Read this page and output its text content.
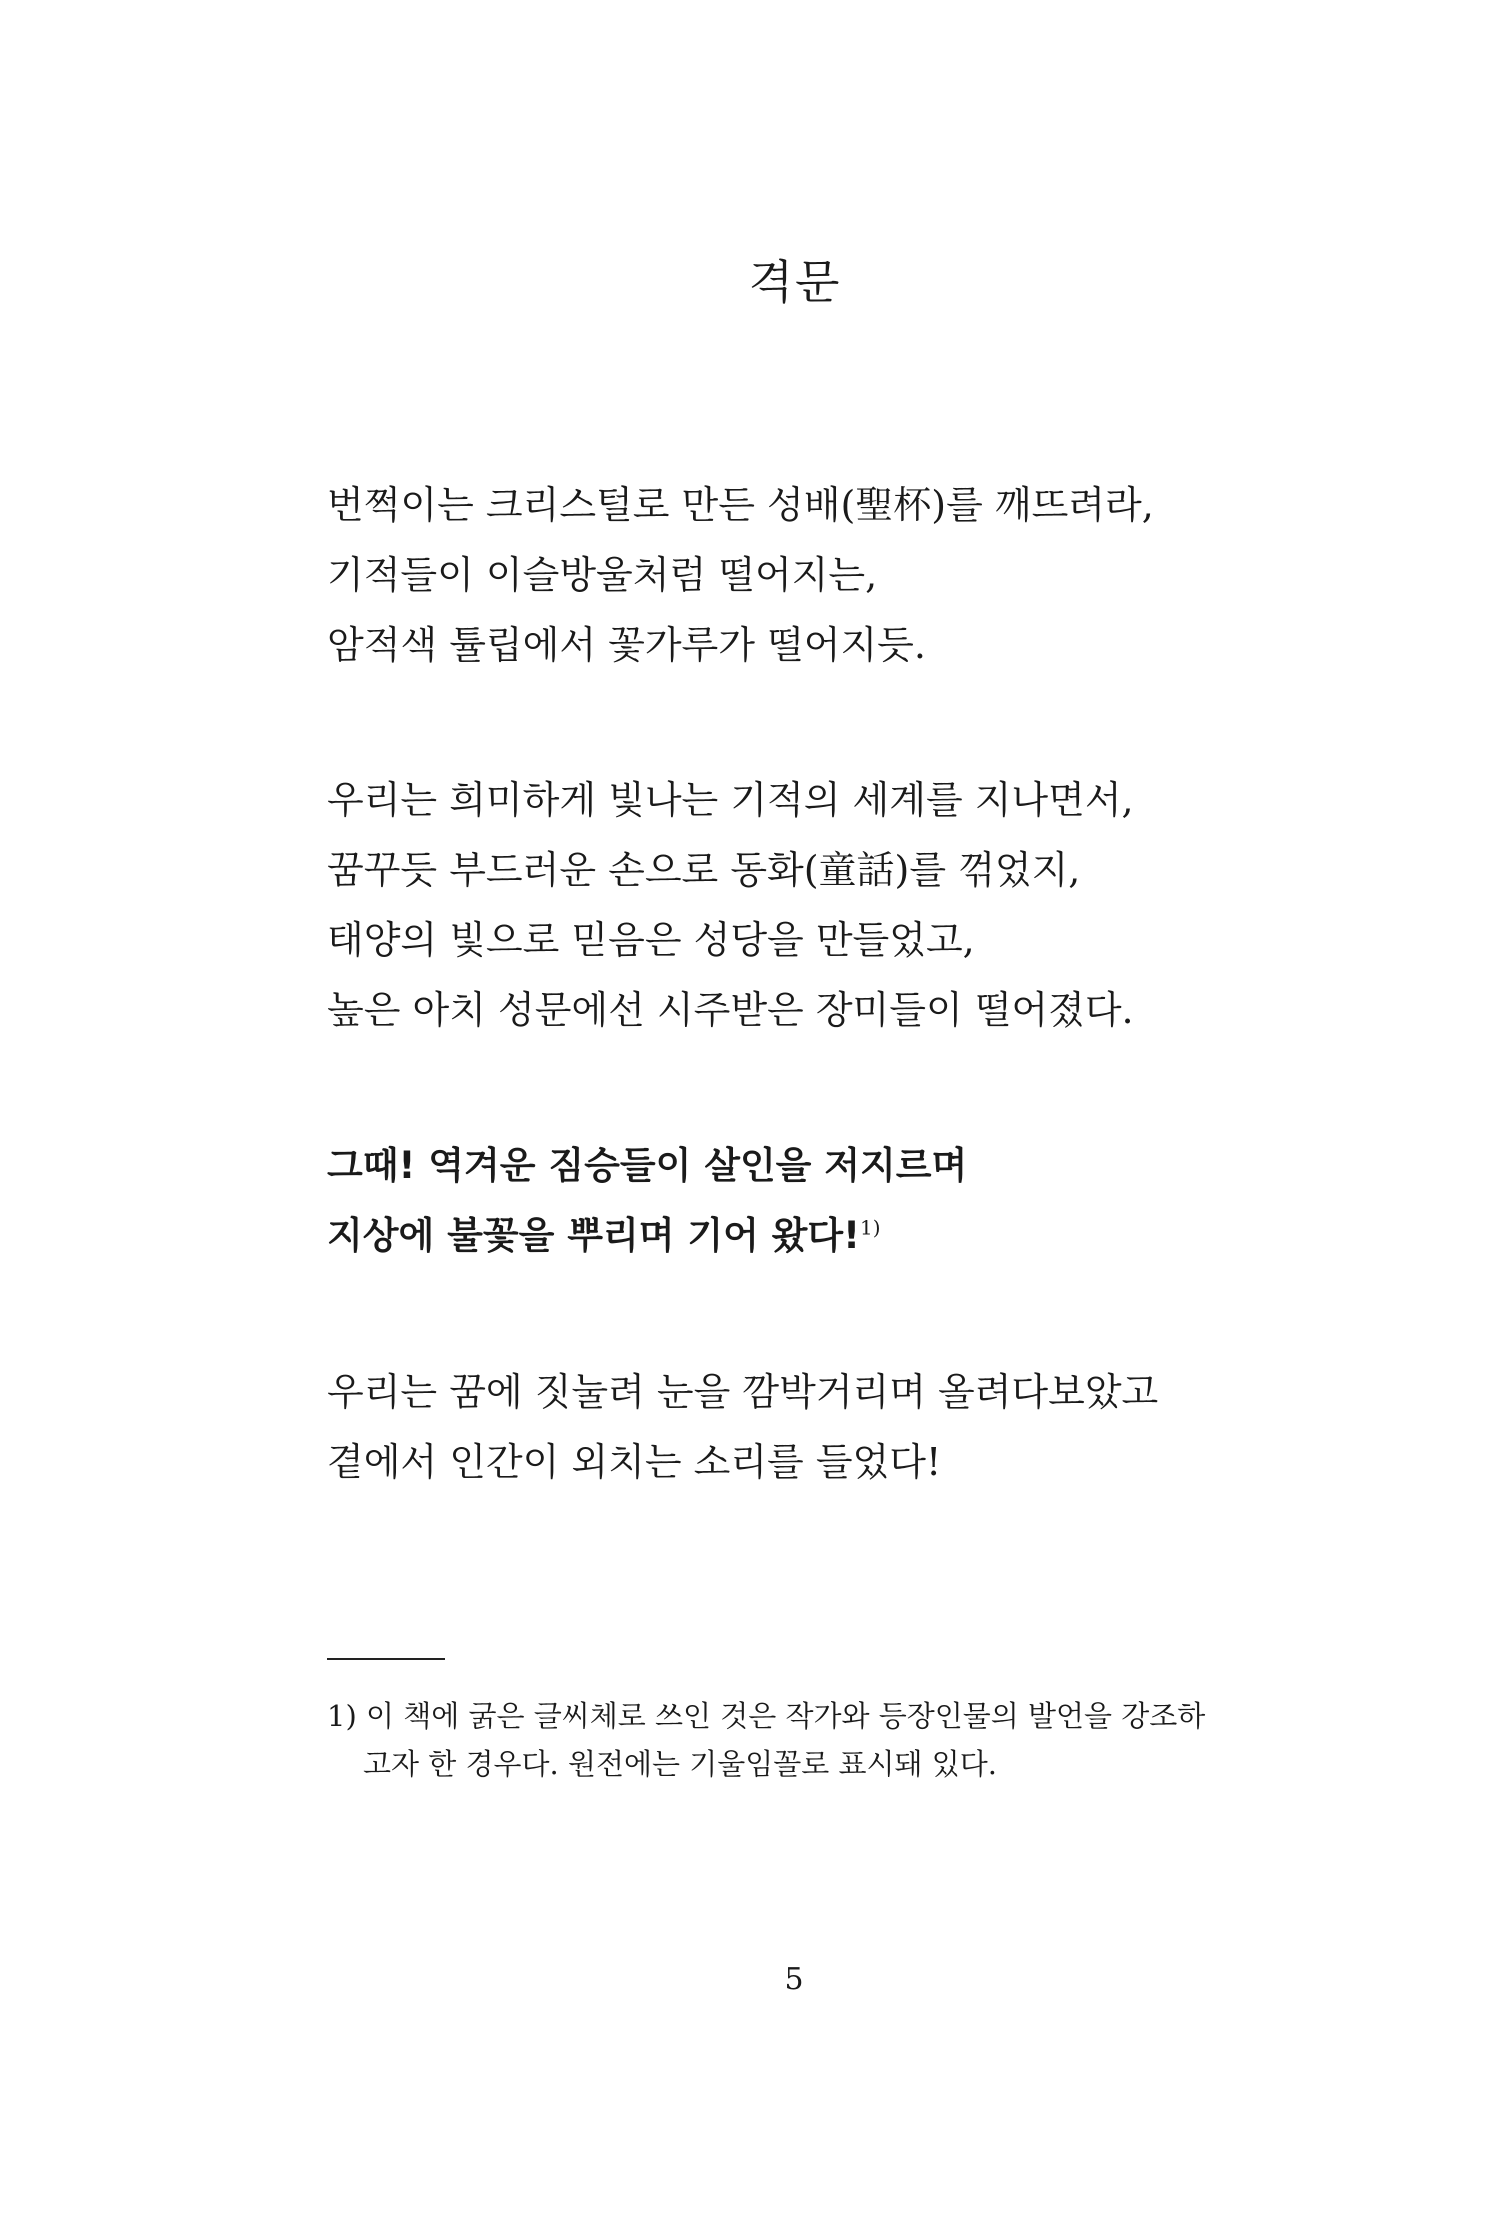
격문
번쩍이는 크리스털로 만든 성배(聖杯)를 깨뜨려라,
기적들이 이슬방울처럼 떨어지는,
암적색 튤립에서 꽃가루가 떨어지듯.
우리는 희미하게 빛나는 기적의 세계를 지나면서,
꿈꾸듯 부드러운 손으로 동화(童話)를 꺾었지,
태양의 빛으로 믿음은 성당을 만들었고,
높은 아치 성문에선 시주받은 장미들이 떨어졌다.
그때! 역겨운 짐승들이 살인을 저지르며
지상에 불꽃을 뿌리며 기어 왔다!$^{1)}$
우리는 꿈에 짓눌려 눈을 깜박거리며 올려다보았고
곁에서 인간이 외치는 소리를 들었다!
1) 이 책에 굵은 글씨체로 쓰인 것은 작가와 등장인물의 발언을 강조하
고자 한 경우다. 원전에는 기울임꼴로 표시돼 있다.
5
